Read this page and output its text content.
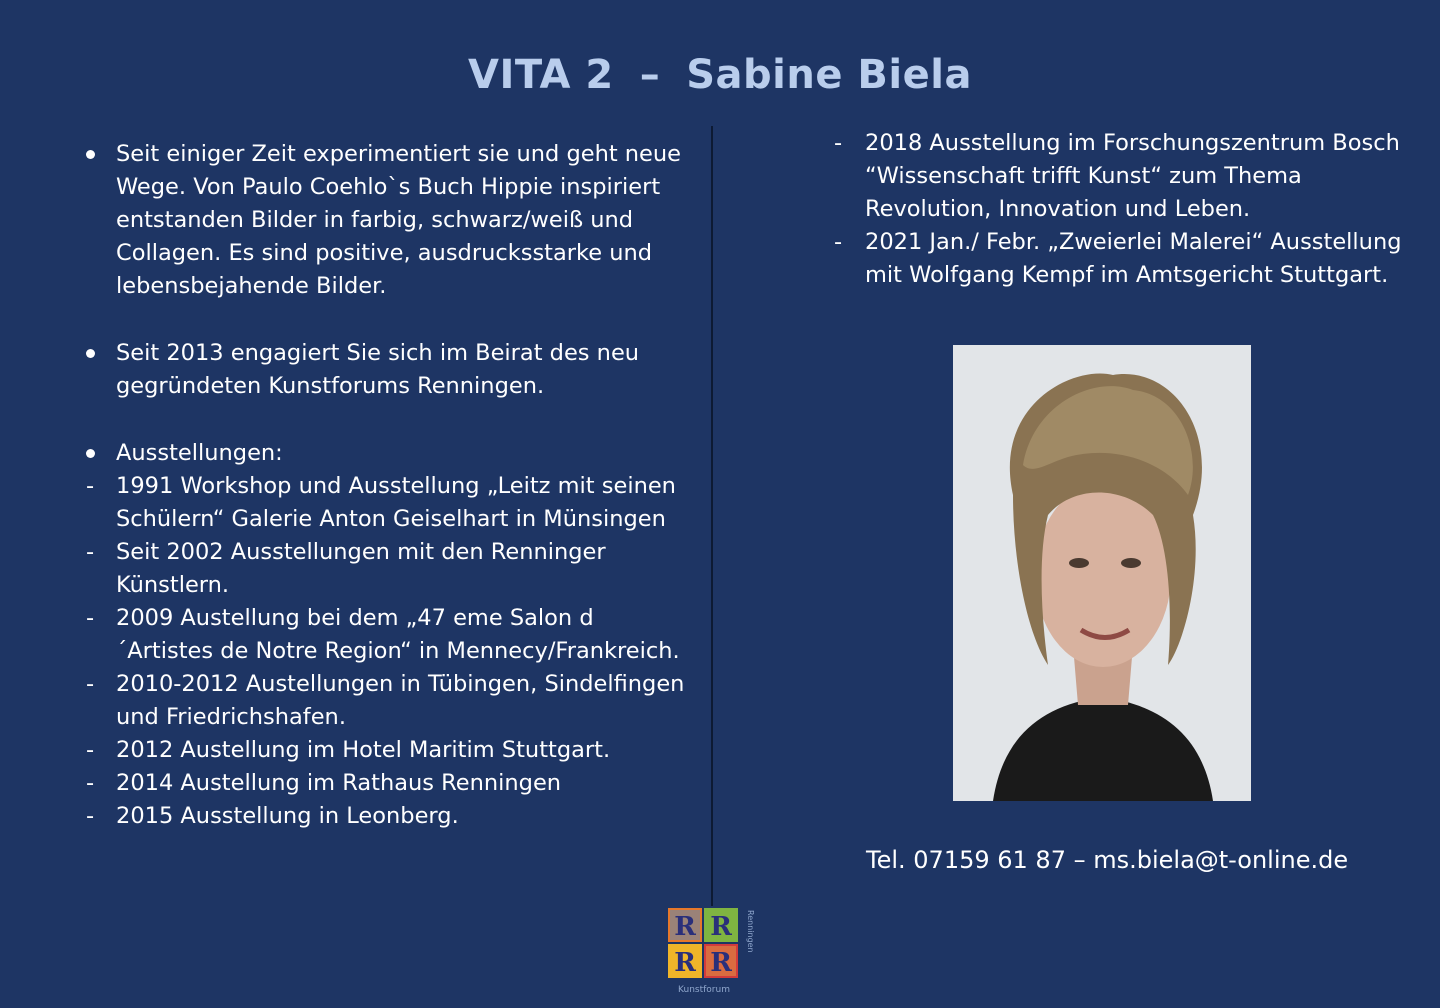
VITA 2 – Sabine Biela
Seit einiger Zeit experimentiert sie und geht neue Wege. Von Paulo Coehlo`s Buch Hippie inspiriert entstanden Bilder in farbig, schwarz/weiß und Collagen. Es sind positive, ausdrucksstarke und lebensbejahende Bilder.
Seit 2013 engagiert Sie sich im Beirat des neu gegründeten Kunstforums Renningen.
Ausstellungen:
- 1991 Workshop und Ausstellung „Leitz mit seinen Schülern“ Galerie Anton Geiselhart in Münsingen
- Seit 2002 Ausstellungen mit den Renninger Künstlern.
- 2009 Austellung bei dem „47 eme Salon d´Artistes de Notre Region“ in Mennecy/Frankreich.
- 2010-2012 Austellungen in Tübingen, Sindelfingen und Friedrichshafen.
- 2012 Austellung im Hotel Maritim Stuttgart.
- 2014 Austellung im Rathaus Renningen
- 2015 Ausstellung in Leonberg.
- 2018 Ausstellung im Forschungszentrum Bosch “Wissenschaft trifft Kunst“ zum Thema Revolution, Innovation und Leben.
- 2021 Jan./ Febr. „Zweierlei Malerei“ Ausstellung mit Wolfgang Kempf im Amtsgericht Stuttgart.
Tel. 07159 61 87 – ms.biela@t-online.de
R R
R R
Kunstforum
Renningen
